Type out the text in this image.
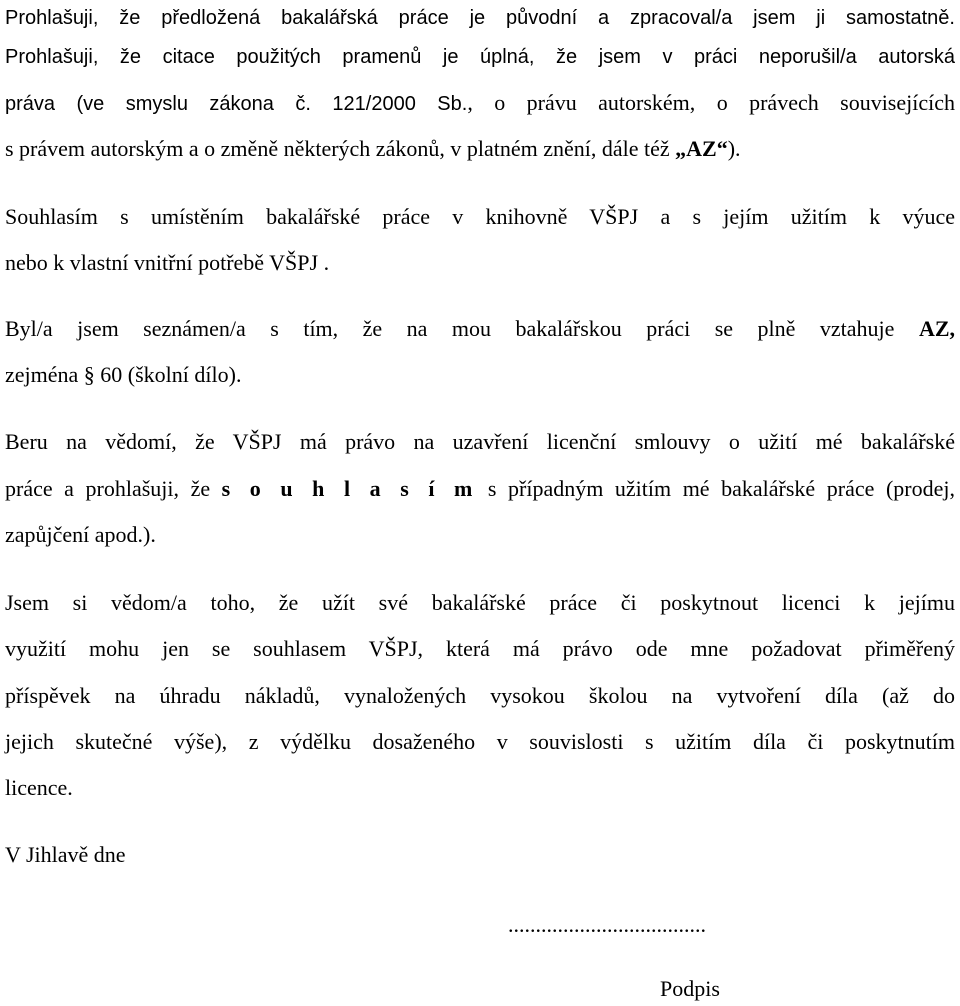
Prohlašuji, že předložená bakalářská práce je původní a zpracoval/a jsem ji samostatně.
Prohlašuji, že citace použitých pramenů je úplná, že jsem v práci neporušil/a autorská
práva (ve smyslu zákona č. 121/2000 Sb., o právu autorském, o právech souvisejících
s právem autorským a o změně některých zákonů, v platném znění, dále též „AZ“).
Souhlasím s umístěním bakalářské práce v knihovně VŠPJ a s jejím užitím k výuce
nebo k vlastní vnitřní potřebě VŠPJ .
Byl/a jsem seznámen/a s tím, že na mou bakalářskou práci se plně vztahuje AZ,
zejména § 60 (školní dílo).
Beru na vědomí, že VŠPJ má právo na uzavření licenční smlouvy o užití mé bakalářské
práce a prohlašuji, že s o u h l a s í m s případným užitím mé bakalářské práce (prodej,
zapůjčení apod.).
Jsem si vědom/a toho, že užít své bakalářské práce či poskytnout licenci k jejímu
využití mohu jen se souhlasem VŠPJ, která má právo ode mne požadovat přiměřený
příspěvek na úhradu nákladů, vynaložených vysokou školou na vytvoření díla (až do
jejich skutečné výše), z výdělku dosaženého v souvislosti s užitím díla či poskytnutím
licence.
V Jihlavě dne
....................................
Podpis
